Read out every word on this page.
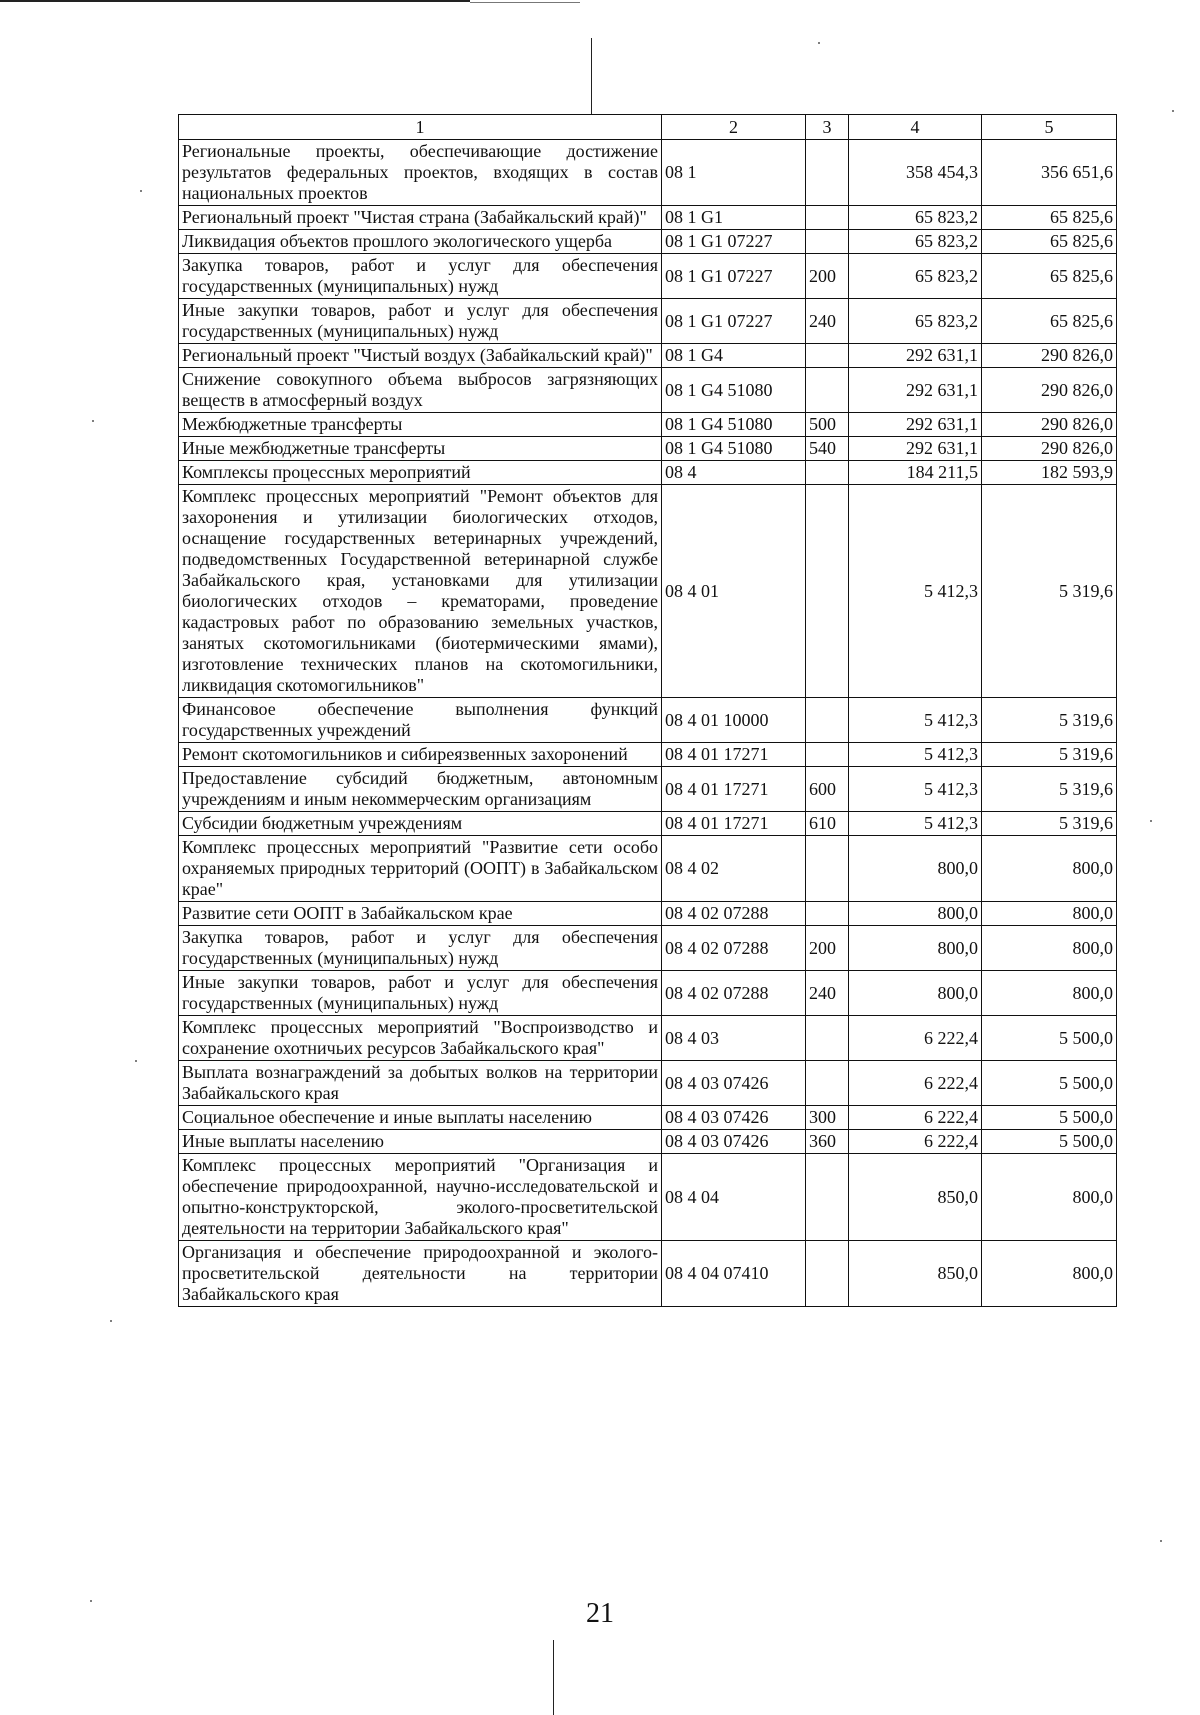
1	2	3	4	5
Региональные проекты, обеспечивающие достижение результатов федеральных проектов, входящих в состав национальных проектов	08 1		358 454,3	356 651,6
Региональный проект "Чистая страна (Забайкальский край)"	08 1 G1		65 823,2	65 825,6
Ликвидация объектов прошлого экологического ущерба	08 1 G1 07227		65 823,2	65 825,6
Закупка товаров, работ и услуг для обеспечения государственных (муниципальных) нужд	08 1 G1 07227	200	65 823,2	65 825,6
Иные закупки товаров, работ и услуг для обеспечения государственных (муниципальных) нужд	08 1 G1 07227	240	65 823,2	65 825,6
Региональный проект "Чистый воздух (Забайкальский край)"	08 1 G4		292 631,1	290 826,0
Снижение совокупного объема выбросов загрязняющих веществ в атмосферный воздух	08 1 G4 51080		292 631,1	290 826,0
Межбюджетные трансферты	08 1 G4 51080	500	292 631,1	290 826,0
Иные межбюджетные трансферты	08 1 G4 51080	540	292 631,1	290 826,0
Комплексы процессных мероприятий	08 4		184 211,5	182 593,9
Комплекс процессных мероприятий "Ремонт объектов для захоронения и утилизации биологических отходов, оснащение государственных ветеринарных учреждений, подведомственных Государственной ветеринарной службе Забайкальского края, установками для утилизации биологических отходов – крематорами, проведение кадастровых работ по образованию земельных участков, занятых скотомогильниками (биотермическими ямами), изготовление технических планов на скотомогильники, ликвидация скотомогильников"	08 4 01		5 412,3	5 319,6
Финансовое обеспечение выполнения функций государственных учреждений	08 4 01 10000		5 412,3	5 319,6
Ремонт скотомогильников и сибиреязвенных захоронений	08 4 01 17271		5 412,3	5 319,6
Предоставление субсидий бюджетным, автономным учреждениям и иным некоммерческим организациям	08 4 01 17271	600	5 412,3	5 319,6
Субсидии бюджетным учреждениям	08 4 01 17271	610	5 412,3	5 319,6
Комплекс процессных мероприятий "Развитие сети особо охраняемых природных территорий (ООПТ) в Забайкальском крае"	08 4 02		800,0	800,0
Развитие сети ООПТ в Забайкальском крае	08 4 02 07288		800,0	800,0
Закупка товаров, работ и услуг для обеспечения государственных (муниципальных) нужд	08 4 02 07288	200	800,0	800,0
Иные закупки товаров, работ и услуг для обеспечения государственных (муниципальных) нужд	08 4 02 07288	240	800,0	800,0
Комплекс процессных мероприятий "Воспроизводство и сохранение охотничьих ресурсов Забайкальского края"	08 4 03		6 222,4	5 500,0
Выплата вознаграждений за добытых волков на территории Забайкальского края	08 4 03 07426		6 222,4	5 500,0
Социальное обеспечение и иные выплаты населению	08 4 03 07426	300	6 222,4	5 500,0
Иные выплаты населению	08 4 03 07426	360	6 222,4	5 500,0
Комплекс процессных мероприятий "Организация и обеспечение природоохранной, научно-исследовательской и опытно-конструкторской, эколого-просветительской деятельности на территории Забайкальского края"	08 4 04		850,0	800,0
Организация и обеспечение природоохранной и эколого-просветительской деятельности на территории Забайкальского края	08 4 04 07410		850,0	800,0
21
